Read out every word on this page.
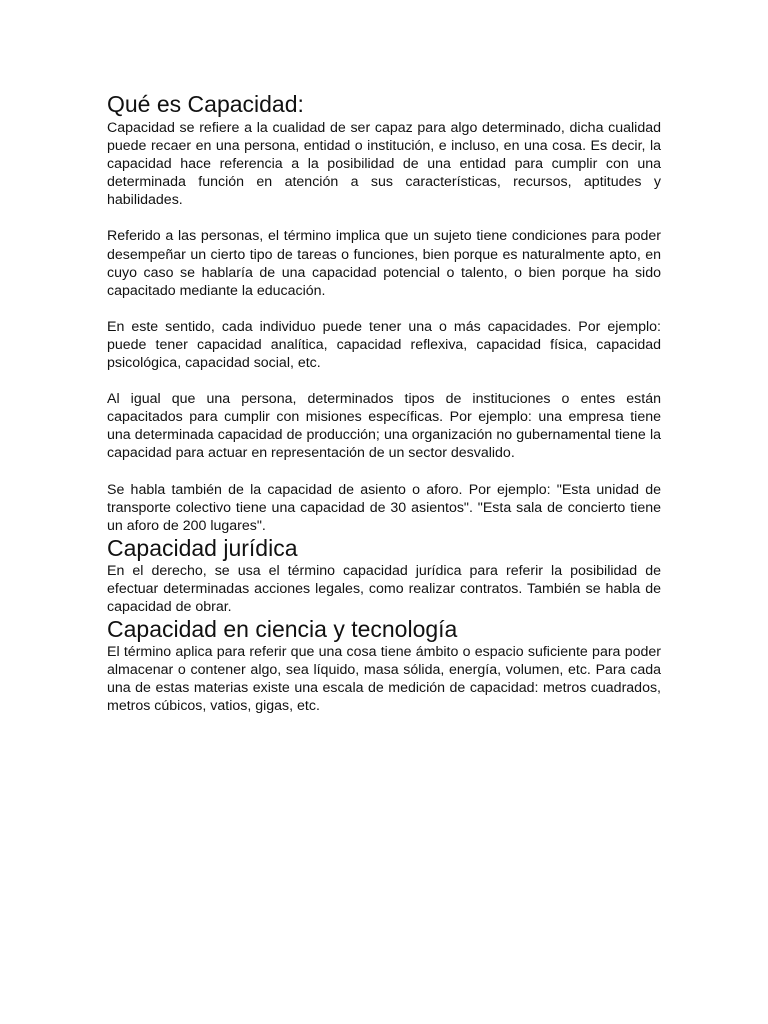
Qué es Capacidad:

Capacidad se refiere a la cualidad de ser capaz para algo determinado, dicha cualidad puede recaer en una persona, entidad o institución, e incluso, en una cosa. Es decir, la capacidad hace referencia a la posibilidad de una entidad para cumplir con una determinada función en atención a sus características, recursos, aptitudes y habilidades.

Referido a las personas, el término implica que un sujeto tiene condiciones para poder desempeñar un cierto tipo de tareas o funciones, bien porque es naturalmente apto, en cuyo caso se hablaría de una capacidad potencial o talento, o bien porque ha sido capacitado mediante la educación.

En este sentido, cada individuo puede tener una o más capacidades. Por ejemplo: puede tener capacidad analítica, capacidad reflexiva, capacidad física, capacidad psicológica, capacidad social, etc.

Al igual que una persona, determinados tipos de instituciones o entes están capacitados para cumplir con misiones específicas. Por ejemplo: una empresa tiene una determinada capacidad de producción; una organización no gubernamental tiene la capacidad para actuar en representación de un sector desvalido.

Se habla también de la capacidad de asiento o aforo. Por ejemplo: "Esta unidad de transporte colectivo tiene una capacidad de 30 asientos". "Esta sala de concierto tiene un aforo de 200 lugares".

Capacidad jurídica

En el derecho, se usa el término capacidad jurídica para referir la posibilidad de efectuar determinadas acciones legales, como realizar contratos. También se habla de capacidad de obrar.

Capacidad en ciencia y tecnología

El término aplica para referir que una cosa tiene ámbito o espacio suficiente para poder almacenar o contener algo, sea líquido, masa sólida, energía, volumen, etc. Para cada una de estas materias existe una escala de medición de capacidad: metros cuadrados, metros cúbicos, vatios, gigas, etc.
